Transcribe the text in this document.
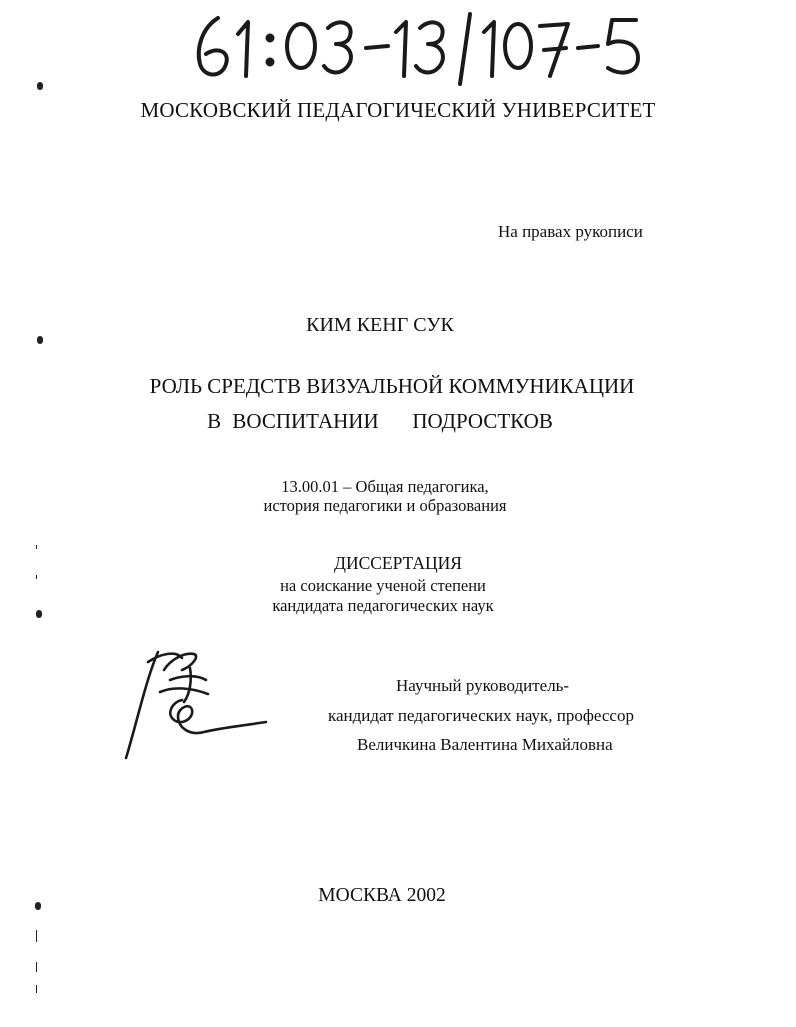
МОСКОВСКИЙ ПЕДАГОГИЧЕСКИЙ УНИВЕРСИТЕТ
На правах рукописи
КИМ КЕНГ СУК
РОЛЬ СРЕДСТВ ВИЗУАЛЬНОЙ КОММУНИКАЦИИ
В ВОСПИТАНИИ   ПОДРОСТКОВ
13.00.01 – Общая педагогика,
история педагогики и образования
ДИССЕРТАЦИЯ
на соискание ученой степени
кандидата педагогических наук
Научный руководитель-
кандидат педагогических наук, профессор
Величкина Валентина Михайловна
МОСКВА 2002
